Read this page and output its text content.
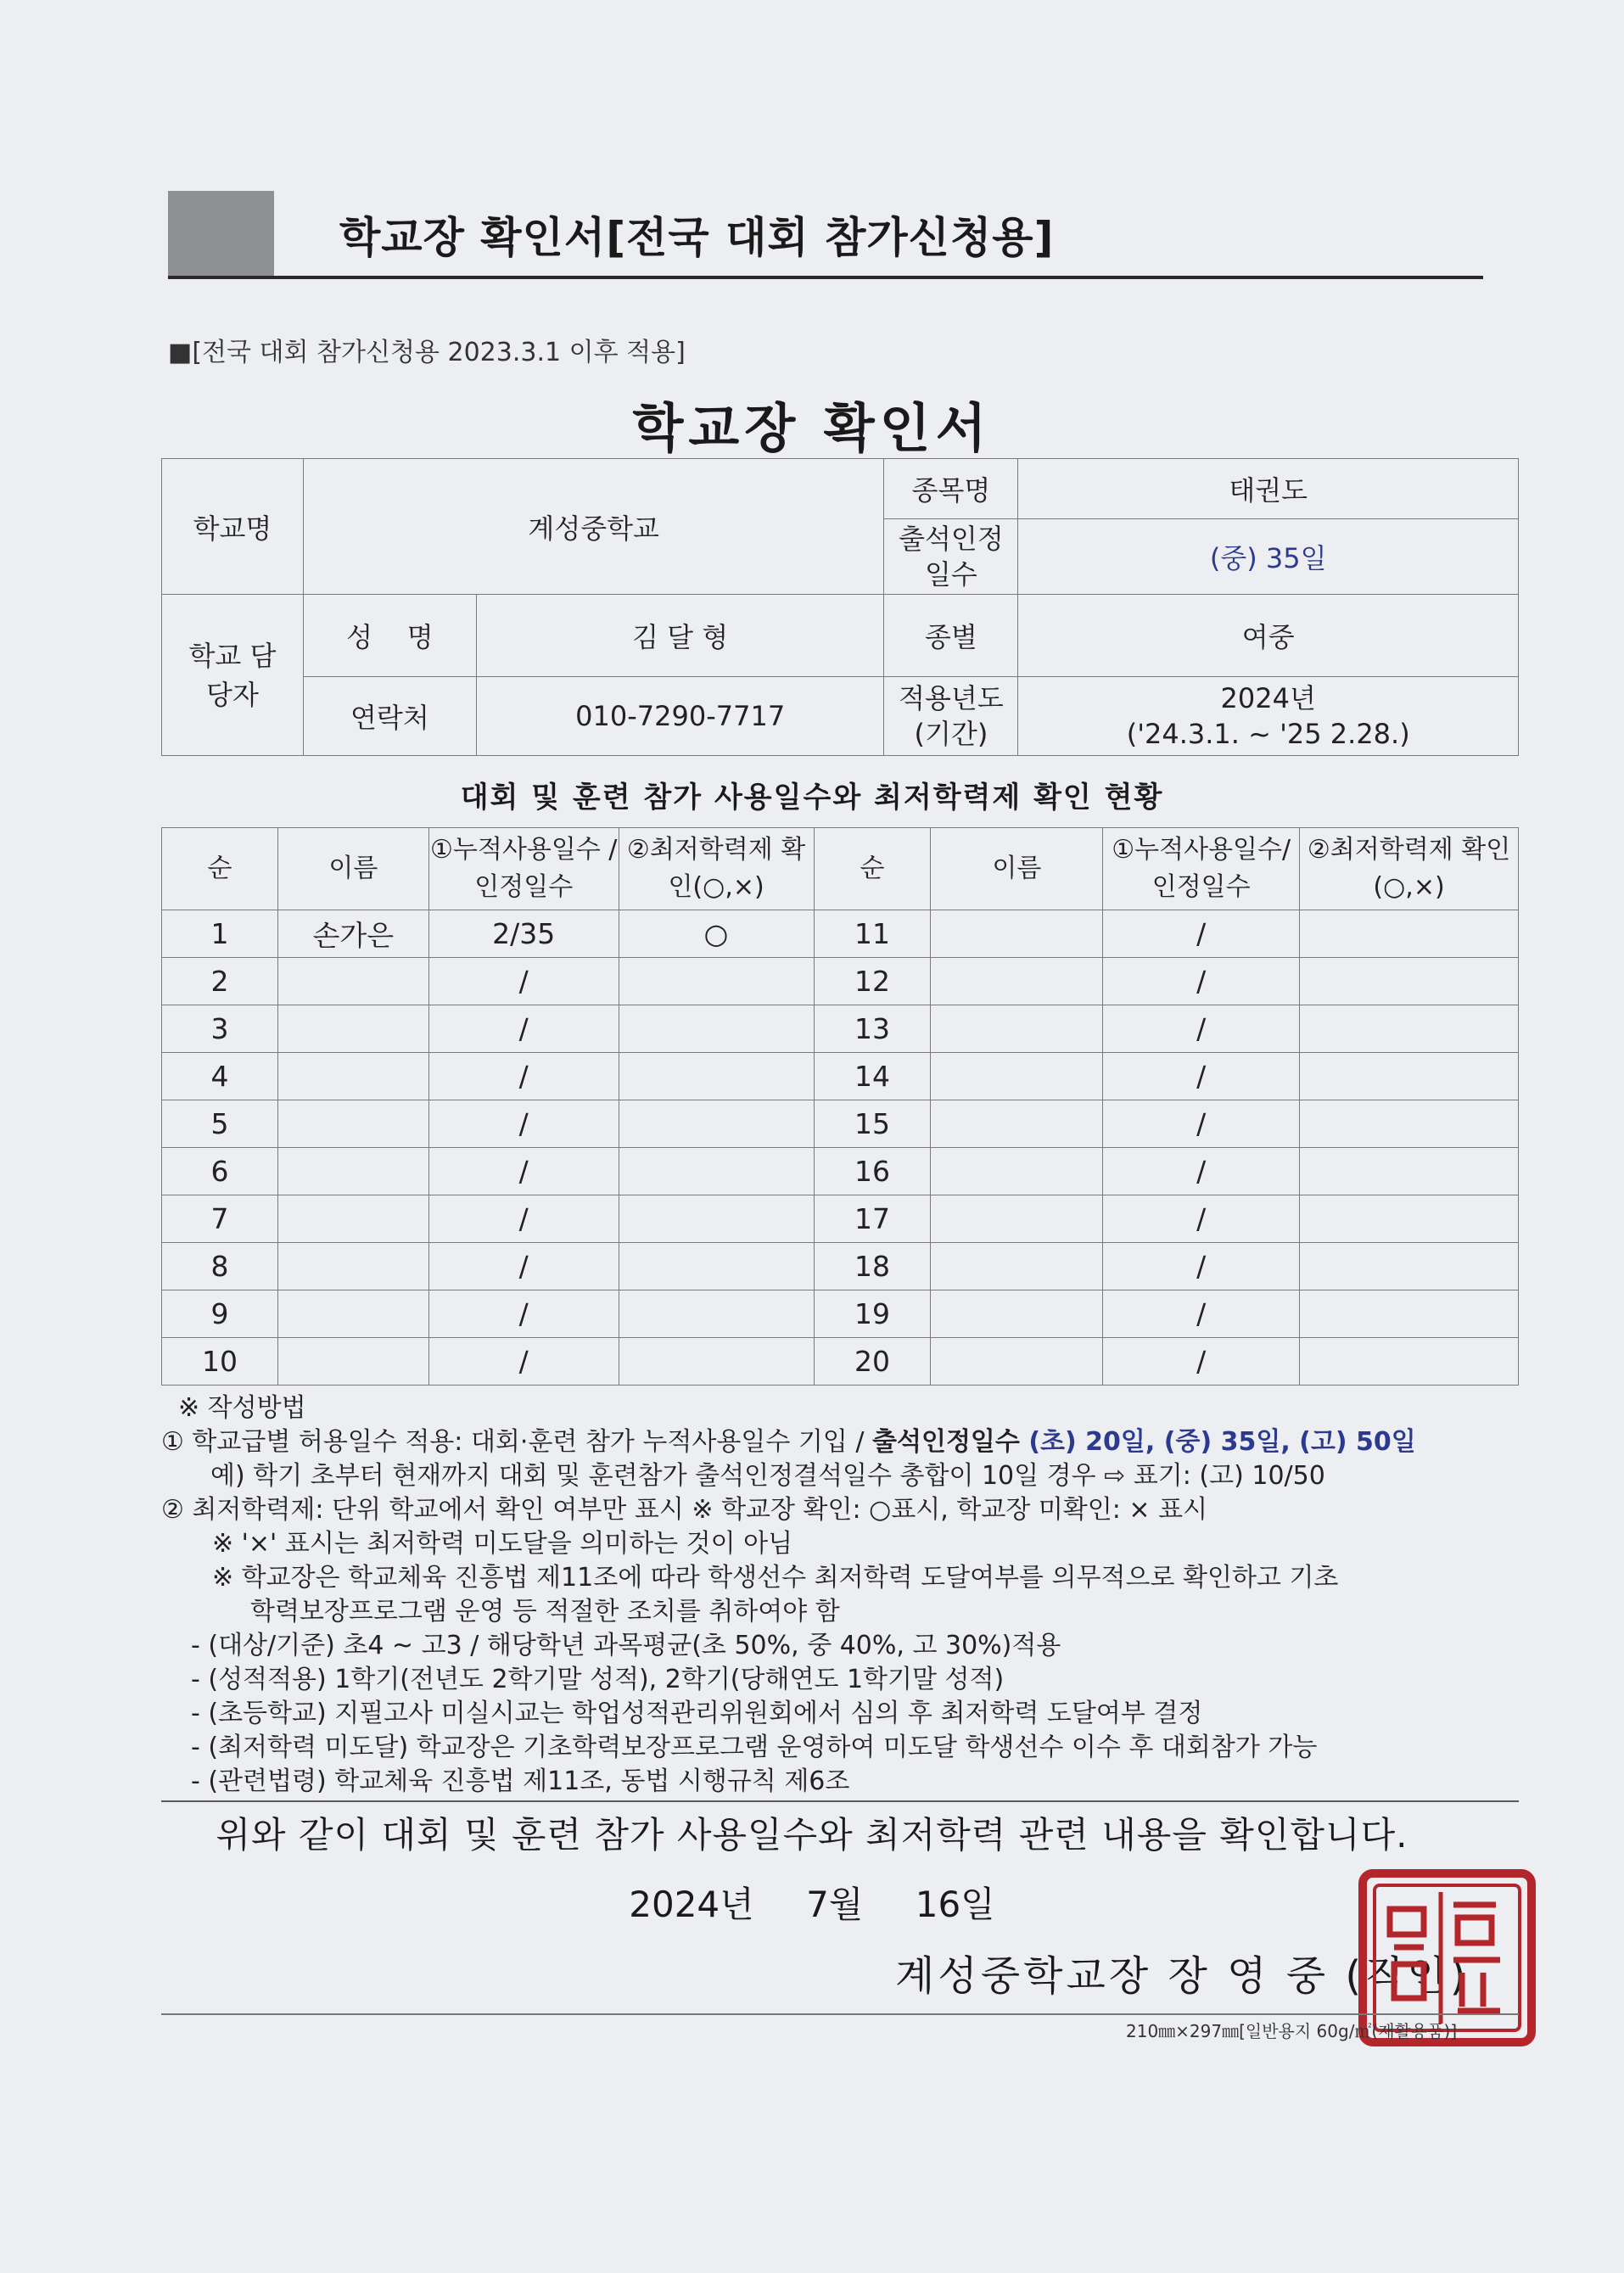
학교장 확인서[전국 대회 참가신청용]
■[전국 대회 참가신청용 2023.3.1 이후 적용]
학교장 확인서
학교명	계성중학교		종목명	태권도
			출석인정 일수	(중) 35일
학교 담당자	성    명	김 달 형	종별	여중
	연락처	010-7290-7717	적용년도 (기간)	2024년
('24.3.1. ~ '25 2.28.)
대회 및 훈련 참가 사용일수와 최저학력제 확인 현황
순	이름	①누적사용일수 /인정일수	②최저학력제 확인(○,×)	순	이름	①누적사용일수/ 인정일수	②최저학력제 확인(○,×)
1	손가은	2/35	○	11		/	
2		/		12		/	
3		/		13		/	
4		/		14		/	
5		/		15		/	
6		/		16		/	
7		/		17		/	
8		/		18		/	
9		/		19		/	
10		/		20		/	
※ 작성방법
① 학교급별 허용일수 적용: 대회·훈련 참가 누적사용일수 기입 / 출석인정일수 (초) 20일, (중) 35일, (고) 50일
예) 학기 초부터 현재까지 대회 및 훈련참가 출석인정결석일수 총합이 10일 경우 ⇨ 표기: (고) 10/50
② 최저학력제: 단위 학교에서 확인 여부만 표시 ※ 학교장 확인: ○표시, 학교장 미확인: × 표시
※ '×' 표시는 최저학력 미도달을 의미하는 것이 아님
※ 학교장은 학교체육 진흥법 제11조에 따라 학생선수 최저학력 도달여부를 의무적으로 확인하고 기초
학력보장프로그램 운영 등 적절한 조치를 취하여야 함
- (대상/기준) 초4 ~ 고3 / 해당학년 과목평균(초 50%, 중 40%, 고 30%)적용
- (성적적용) 1학기(전년도 2학기말 성적), 2학기(당해연도 1학기말 성적)
- (초등학교) 지필고사 미실시교는 학업성적관리위원회에서 심의 후 최저학력 도달여부 결정
- (최저학력 미도달) 학교장은 기초학력보장프로그램 운영하여 미도달 학생선수 이수 후 대회참가 가능
- (관련법령) 학교체육 진흥법 제11조, 동법 시행규칙 제6조
위와 같이 대회 및 훈련 참가 사용일수와 최저학력 관련 내용을 확인합니다.
2024년 7월 16일
계성중학교장 장 영 중 (직인)
210㎜×297㎜[일반용지 60g/㎡(재활용품)]
